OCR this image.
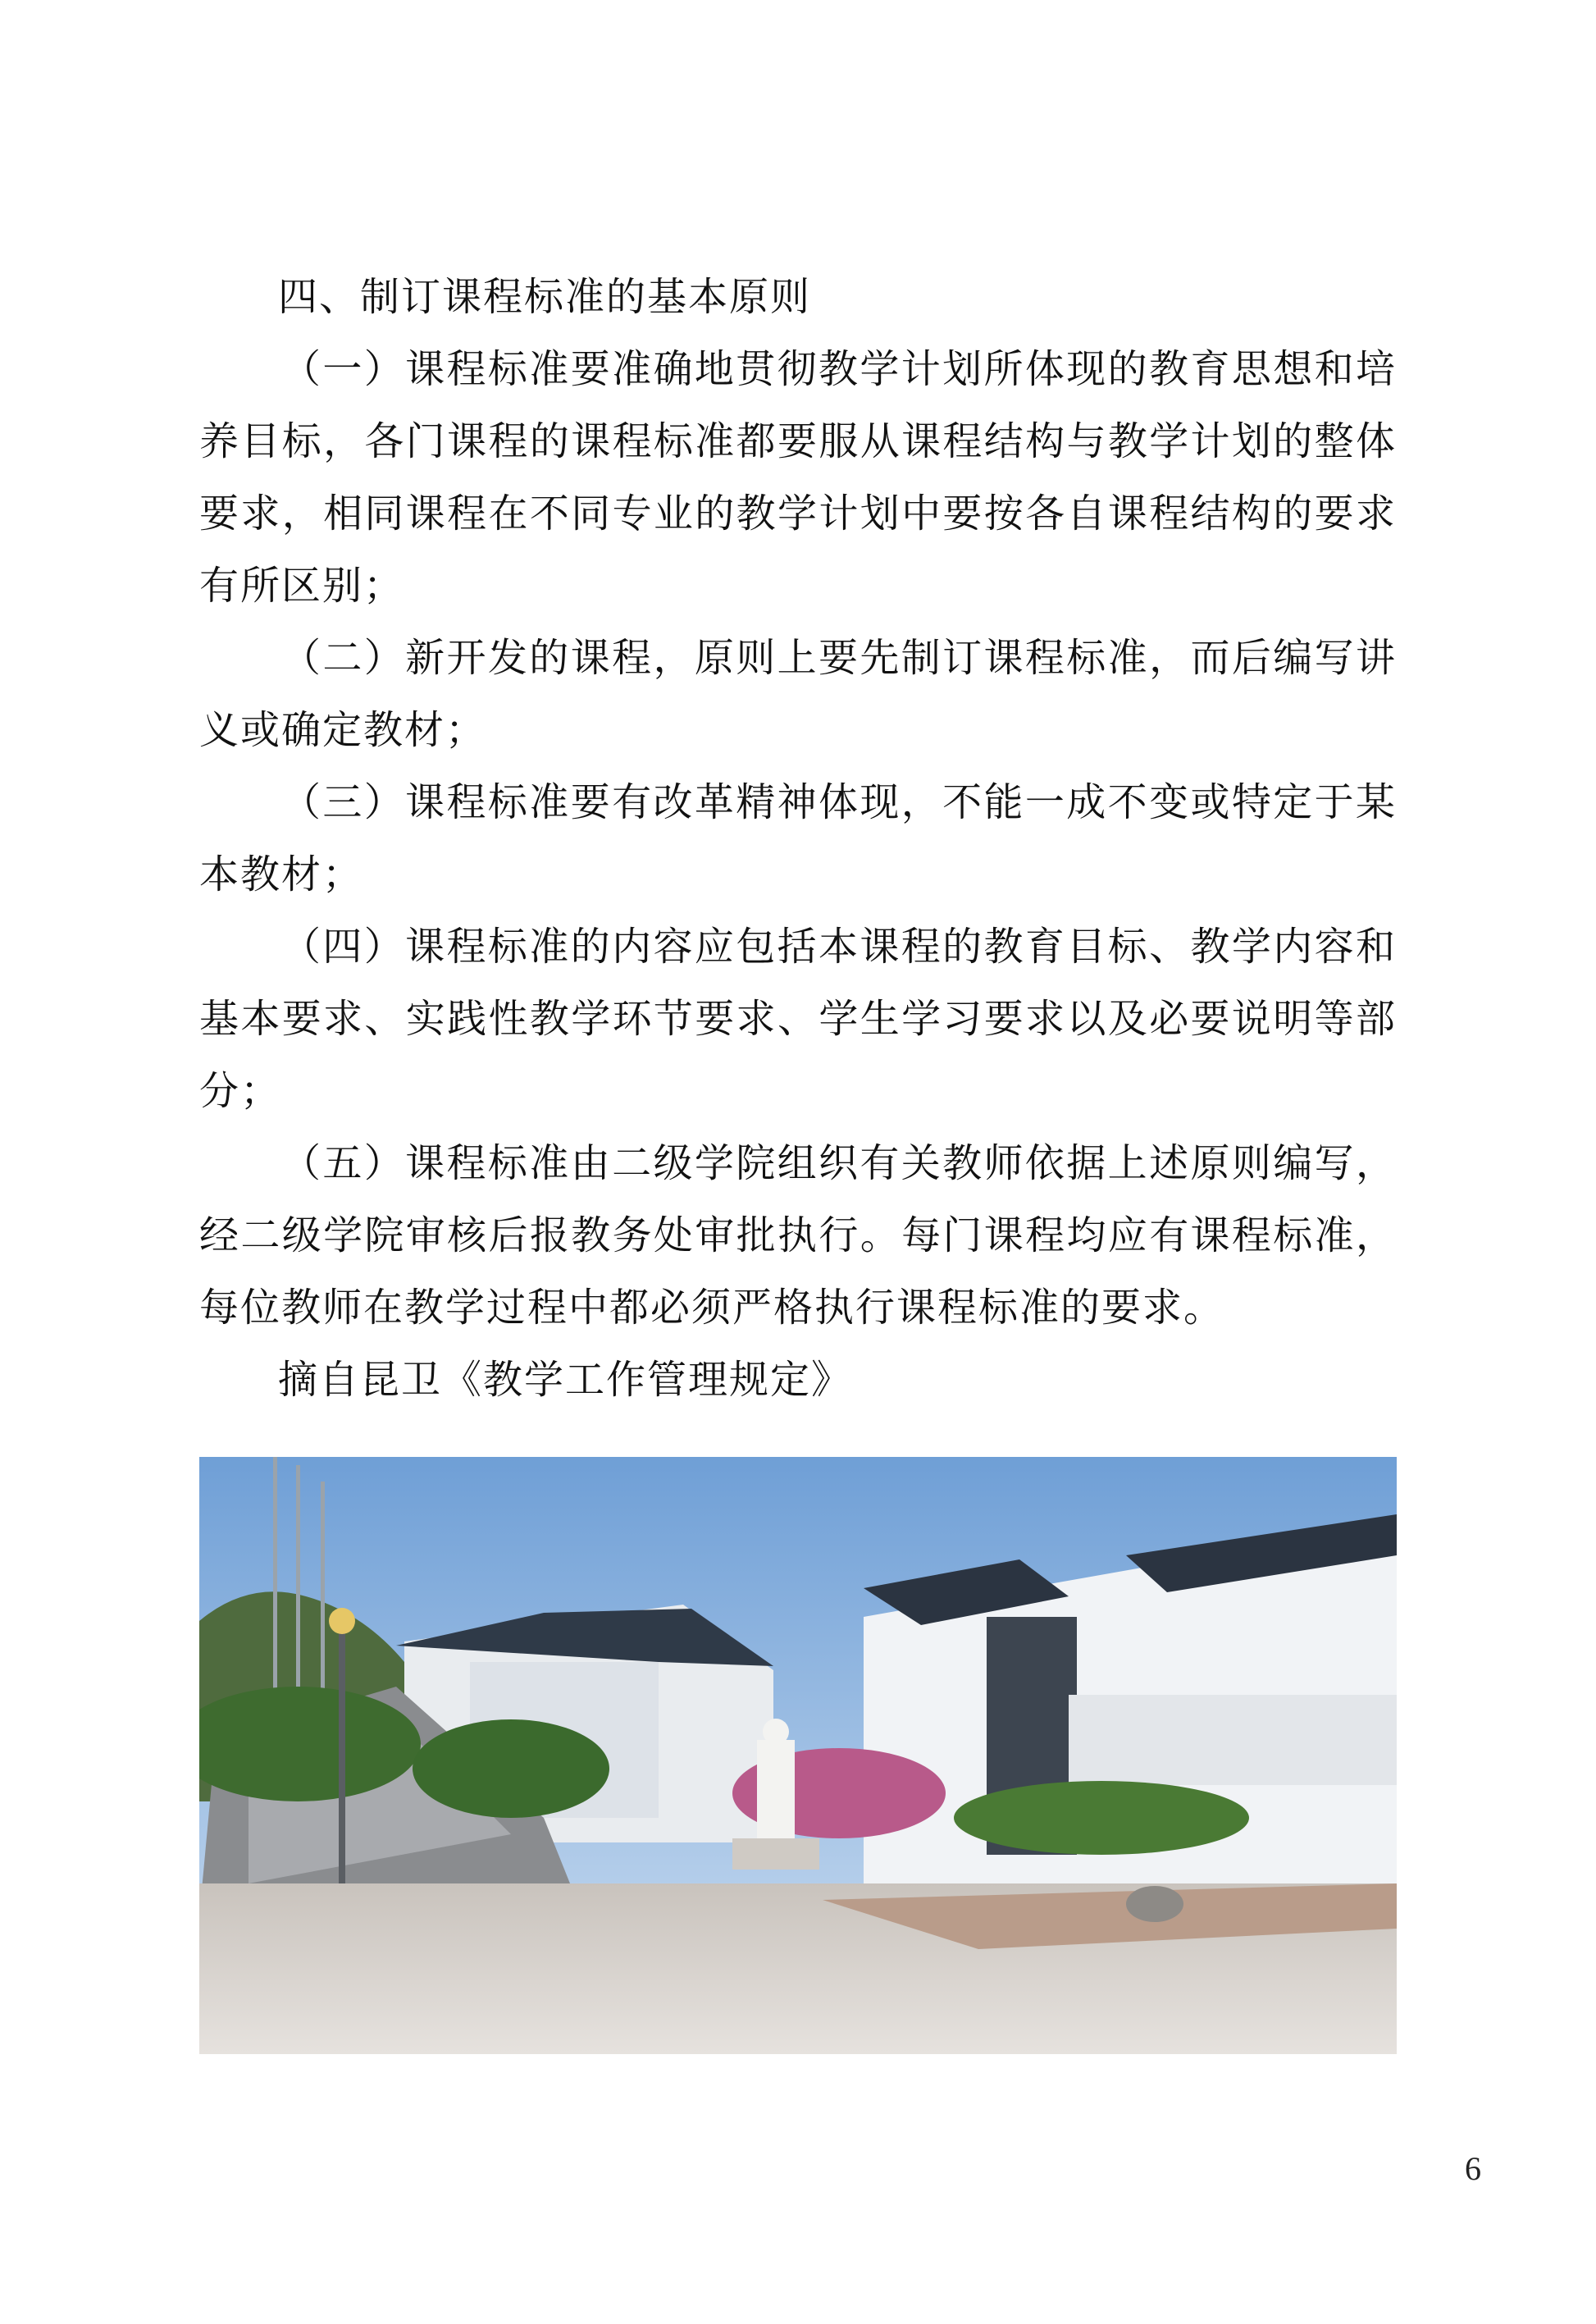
四、制订课程标准的基本原则

（一）课程标准要准确地贯彻教学计划所体现的教育思想和培养目标，各门课程的课程标准都要服从课程结构与教学计划的整体要求，相同课程在不同专业的教学计划中要按各自课程结构的要求有所区别；

（二）新开发的课程，原则上要先制订课程标准，而后编写讲义或确定教材；

（三）课程标准要有改革精神体现，不能一成不变或特定于某本教材；

（四）课程标准的内容应包括本课程的教育目标、教学内容和基本要求、实践性教学环节要求、学生学习要求以及必要说明等部分；

（五）课程标准由二级学院组织有关教师依据上述原则编写，经二级学院审核后报教务处审批执行。每门课程均应有课程标准，每位教师在教学过程中都必须严格执行课程标准的要求。

摘自昆卫《教学工作管理规定》

6
